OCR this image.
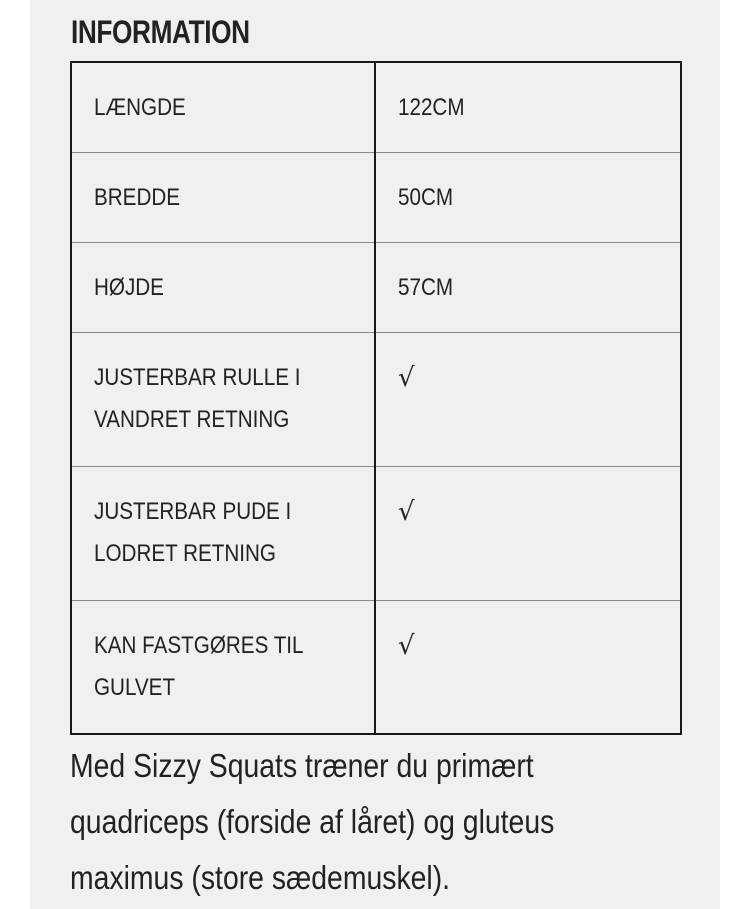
INFORMATION
LÆNGDE	122CM
BREDDE	50CM
HØJDE	57CM
JUSTERBAR RULLE I
VANDRET RETNING	√
JUSTERBAR PUDE I
LODRET RETNING	√
KAN FASTGØRES TIL
GULVET	√

Med Sizzy Squats træner du primært
quadriceps (forside af låret) og gluteus
maximus (store sædemuskel).
